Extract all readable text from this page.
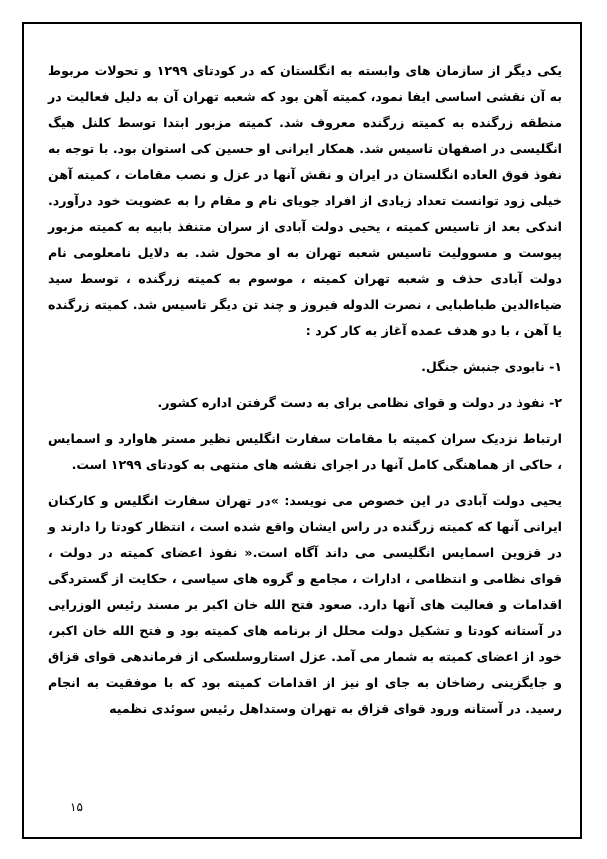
یکی دیگر از سازمان های وابسته به انگلستان که در کودتای ۱۲۹۹ و تحولات مربوط به آن نقشی اساسی ایفا نمود، کمیته آهن بود که شعبه تهران آن به دلیل فعالیت در منطقه زرگنده به کمیته زرگنده معروف شد. کمیته مزبور ابتدا توسط کلنل هیگ انگلیسی در اصفهان تاسیس شد. همکار ایرانی او حسین کی استوان بود. با توجه به نفوذ فوق العاده انگلستان در ایران و نقش آنها در عزل و نصب مقامات ، کمیته آهن خیلی زود توانست تعداد زیادی از افراد جویای نام و مقام را به عضویت خود درآورد. اندکی بعد از تاسیس کمیته ، یحیی دولت آبادی از سران متنفذ بابیه به کمیته مزبور پیوست و مسوولیت تاسیس شعبه تهران به او محول شد. به دلایل نامعلومی نام دولت آبادی حذف و شعبه تهران کمیته ، موسوم به کمیته زرگنده ، توسط سید ضیاءالدین طباطبایی ، نصرت الدوله فیروز و چند تن دیگر تاسیس شد. کمیته زرگنده یا آهن ، با دو هدف عمده آغاز به کار کرد :

۱- نابودی جنبش جنگل.

۲- نفوذ در دولت و قوای نظامی برای به دست گرفتن اداره کشور.

ارتباط نزدیک سران کمیته با مقامات سفارت انگلیس نظیر مستر هاوارد و اسمایس ، حاکی از هماهنگی کامل آنها در اجرای نقشه های منتهی به کودتای ۱۲۹۹ است.

یحیی دولت آبادی در این خصوص می نویسد: »در تهران سفارت انگلیس و کارکنان ایرانی آنها که کمیته زرگنده در راس ایشان واقع شده است ، انتظار کودتا را دارند و در قزوین اسمایس انگلیسی می داند آگاه است.« نفوذ اعضای کمیته در دولت ، قوای نظامی و انتظامی ، ادارات ، مجامع و گروه های سیاسی ، حکایت از گستردگی اقدامات و فعالیت های آنها دارد. صعود فتح الله خان اکبر بر مسند رئیس الوزرایی در آستانه کودتا و تشکیل دولت محلل از برنامه های کمیته بود و فتح الله خان اکبر، خود از اعضای کمیته به شمار می آمد. عزل استاروسلسکی از فرماندهی قوای قزاق و جایگزینی رضاخان به جای او نیز از اقدامات کمیته بود که با موفقیت به انجام رسید. در آستانه ورود قوای قزاق به تهران وستداهل رئیس سوئدی نظمیه

۱۵
